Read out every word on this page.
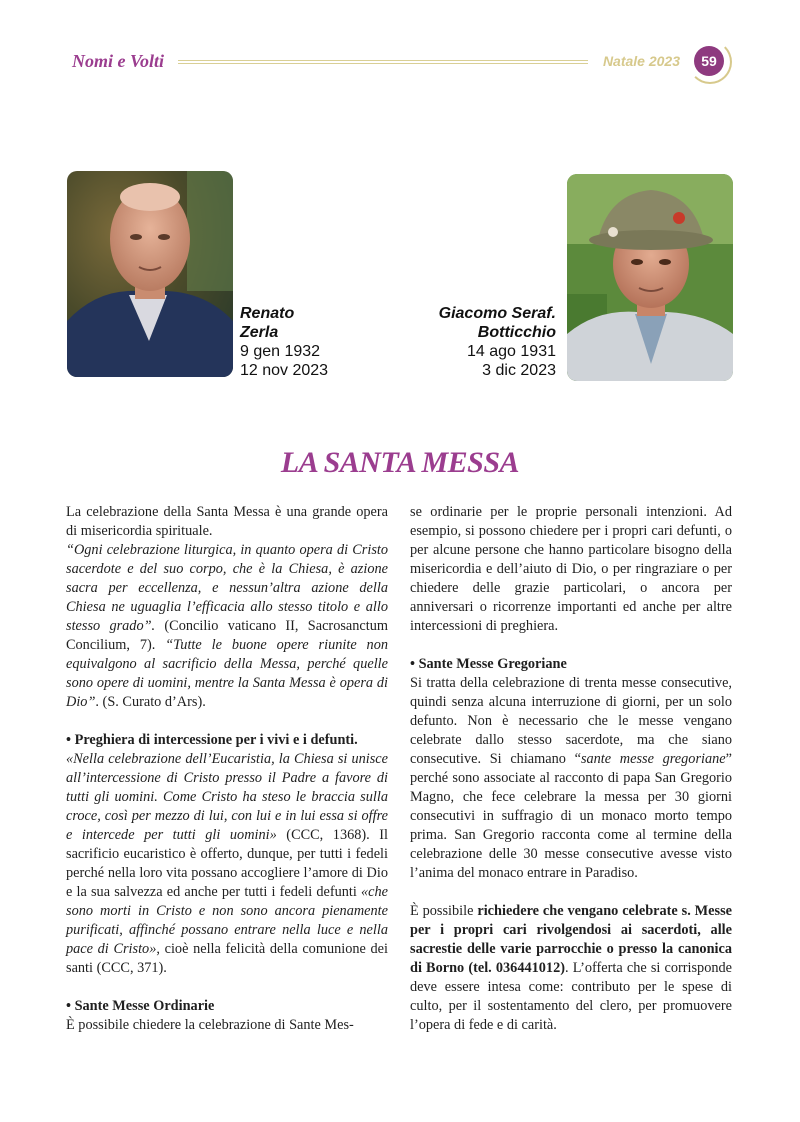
Nomi e Volti	Natale 2023	59
Renato
Zerla
9 gen 1932
12 nov 2023
Giacomo Seraf.
Botticchio
14 ago 1931
3 dic 2023
LA SANTA MESSA

La celebrazione della Santa Messa è una grande opera di misericordia spirituale.

“Ogni celebrazione liturgica, in quanto opera di Cristo sacerdote e del suo corpo, che è la Chiesa, è azione sacra per eccellenza, e nessun’altra azione della Chiesa ne uguaglia l’efficacia allo stesso titolo e allo stesso grado”. (Concilio vaticano II, Sacrosanctum Concilium, 7). “Tutte le buone opere riunite non equivalgono al sacrificio della Messa, perché quelle sono opere di uomini, mentre la Santa Messa è opera di Dio”. (S. Curato d’Ars).

• Preghiera di intercessione per i vivi e i defunti.

«Nella celebrazione dell’Eucaristia, la Chiesa si unisce all’intercessione di Cristo presso il Padre a favore di tutti gli uomini. Come Cristo ha steso le braccia sulla croce, così per mezzo di lui, con lui e in lui essa si offre e intercede per tutti gli uomini» (CCC, 1368). Il sacrificio eucaristico è offerto, dunque, per tutti i fedeli perché nella loro vita possano accogliere l’amore di Dio e la sua salvezza ed anche per tutti i fedeli defunti «che sono morti in Cristo e non sono ancora pienamente purificati, affinché possano entrare nella luce e nella pace di Cristo», cioè nella felicità della comunione dei santi (CCC, 371).

• Sante Messe Ordinarie

È possibile chiedere la celebrazione di Sante Mes-

se ordinarie per le proprie personali intenzioni. Ad esempio, si possono chiedere per i propri cari defunti, o per alcune persone che hanno particolare bisogno della misericordia e dell’aiuto di Dio, o per ringraziare o per chiedere delle grazie particolari, o ancora per anniversari o ricorrenze importanti ed anche per altre intercessioni di preghiera.

• Sante Messe Gregoriane

Si tratta della celebrazione di trenta messe consecutive, quindi senza alcuna interruzione di giorni, per un solo defunto. Non è necessario che le messe vengano celebrate dallo stesso sacerdote, ma che siano consecutive. Si chiamano “sante messe gregoriane” perché sono associate al racconto di papa San Gregorio Magno, che fece celebrare la messa per 30 giorni consecutivi in suffragio di un monaco morto tempo prima. San Gregorio racconta come al termine della celebrazione delle 30 messe consecutive avesse visto l’anima del monaco entrare in Paradiso.

È possibile richiedere che vengano celebrate s. Messe per i propri cari rivolgendosi ai sacerdoti, alle sacrestie delle varie parrocchie o presso la canonica di Borno (tel. 036441012). L’offerta che si corrisponde deve essere intesa come: contributo per le spese di culto, per il sostentamento del clero, per promuovere l’opera di fede e di carità.
